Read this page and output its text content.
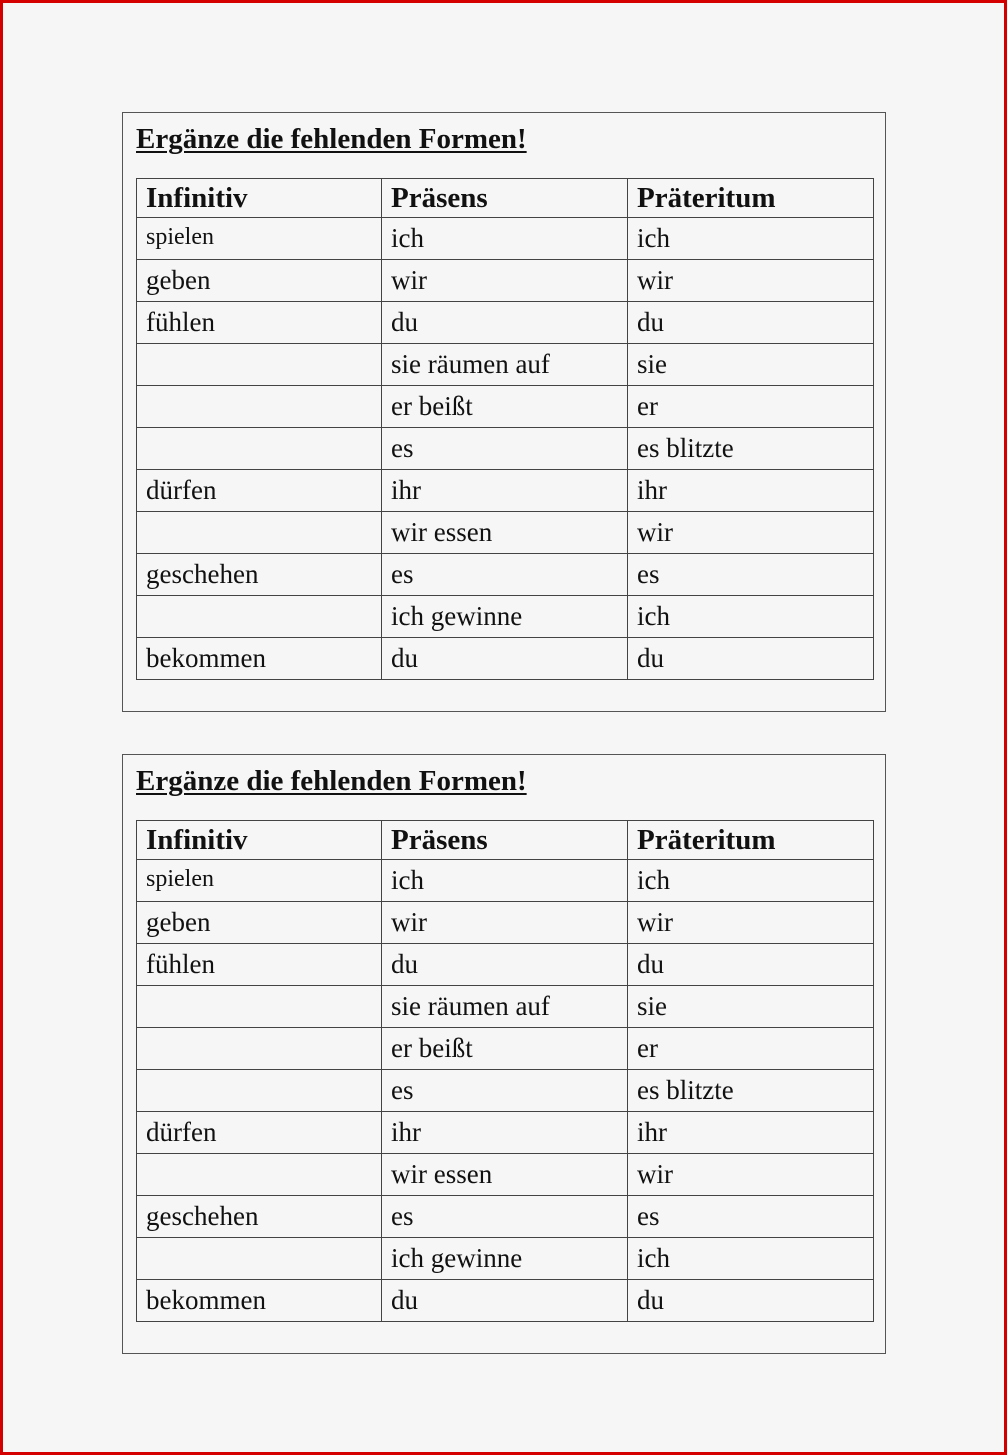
Ergänze die fehlenden Formen!
Infinitiv	Präsens	Präteritum
spielen	ich	ich
geben	wir	wir
fühlen	du	du
	sie räumen auf	sie
	er beißt	er
	es	es blitzte
dürfen	ihr	ihr
	wir essen	wir
geschehen	es	es
	ich gewinne	ich
bekommen	du	du
Ergänze die fehlenden Formen!
Infinitiv	Präsens	Präteritum
spielen	ich	ich
geben	wir	wir
fühlen	du	du
	sie räumen auf	sie
	er beißt	er
	es	es blitzte
dürfen	ihr	ihr
	wir essen	wir
geschehen	es	es
	ich gewinne	ich
bekommen	du	du
